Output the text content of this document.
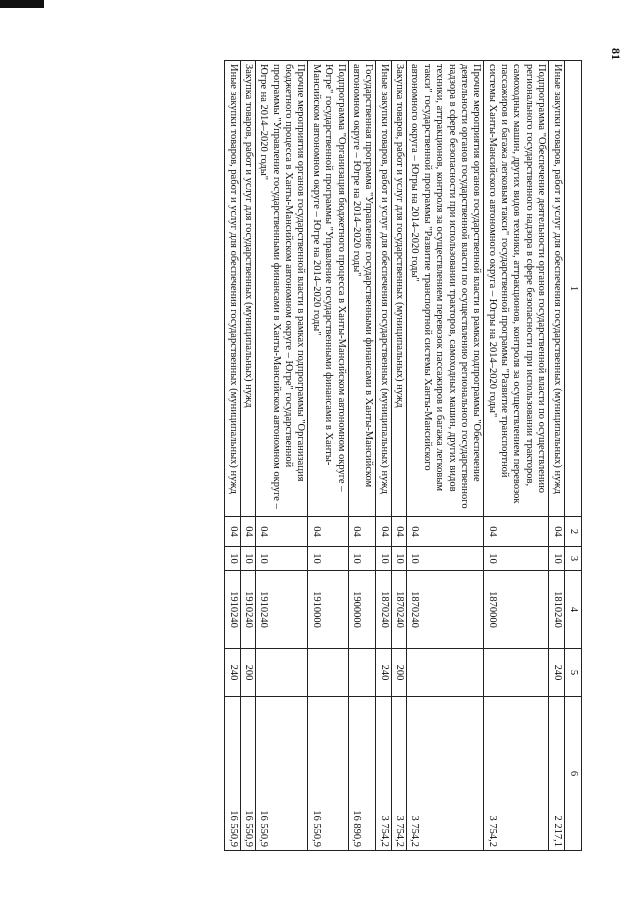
81
1	2	3	4	5	6
Иные закупки товаров, работ и услуг для обеспечения государственных (муниципальных) нужд	04	10	1810240	240	2 217,1
Подпрограмма "Обеспечение деятельности органов государственной власти по осуществлению регионального государственного надзора в сфере безопасности при использовании тракторов, самоходных машин, других видов техники, аттракционов, контроля за осуществлением перевозок пассажиров и багажа легковым такси" государственной программы "Развитие транспортной системы Ханты-Мансийского автономного округа – Югры на 2014–2020 годы"	04	10	1870000		3 754,2
Прочие мероприятия органов государственной власти в рамках подпрограммы "Обеспечение деятельности органов государственной власти по осуществлению регионального государственного надзора в сфере безопасности при использовании тракторов, самоходных машин, других видов техники, аттракционов, контроля за осуществлением перевозок пассажиров и багажа легковым такси" государственной программы "Развитие транспортной системы Ханты-Мансийского автономного округа – Югры на 2014–2020 годы"	04	10	1870240		3 754,2
Закупка товаров, работ и услуг для государственных (муниципальных) нужд	04	10	1870240	200	3 754,2
Иные закупки товаров, работ и услуг для обеспечения государственных (муниципальных) нужд	04	10	1870240	240	3 754,2
Государственная программа "Управление государственными финансами в Ханты-Мансийском автономном округе – Югре на 2014–2020 годы"	04	10	1900000		16 890,9
Подпрограмма "Организация бюджетного процесса в Ханты-Мансийском автономном округе – Югре" государственной программы "Управление государственными финансами в Ханты-Мансийском автономном округе – Югре на 2014–2020 годы"	04	10	1910000		16 550,9
Прочие мероприятия органов государственной власти в рамках подпрограммы "Организация бюджетного процесса в Ханты-Мансийском автономном округе – Югре" государственной программы "Управление государственными финансами в Ханты-Мансийском автономном округе – Югре на 2014–2020 годы"	04	10	1910240		16 550,9
Закупка товаров, работ и услуг для государственных (муниципальных) нужд	04	10	1910240	200	16 550,9
Иные закупки товаров, работ и услуг для обеспечения государственных (муниципальных) нужд	04	10	1910240	240	16 550,9
